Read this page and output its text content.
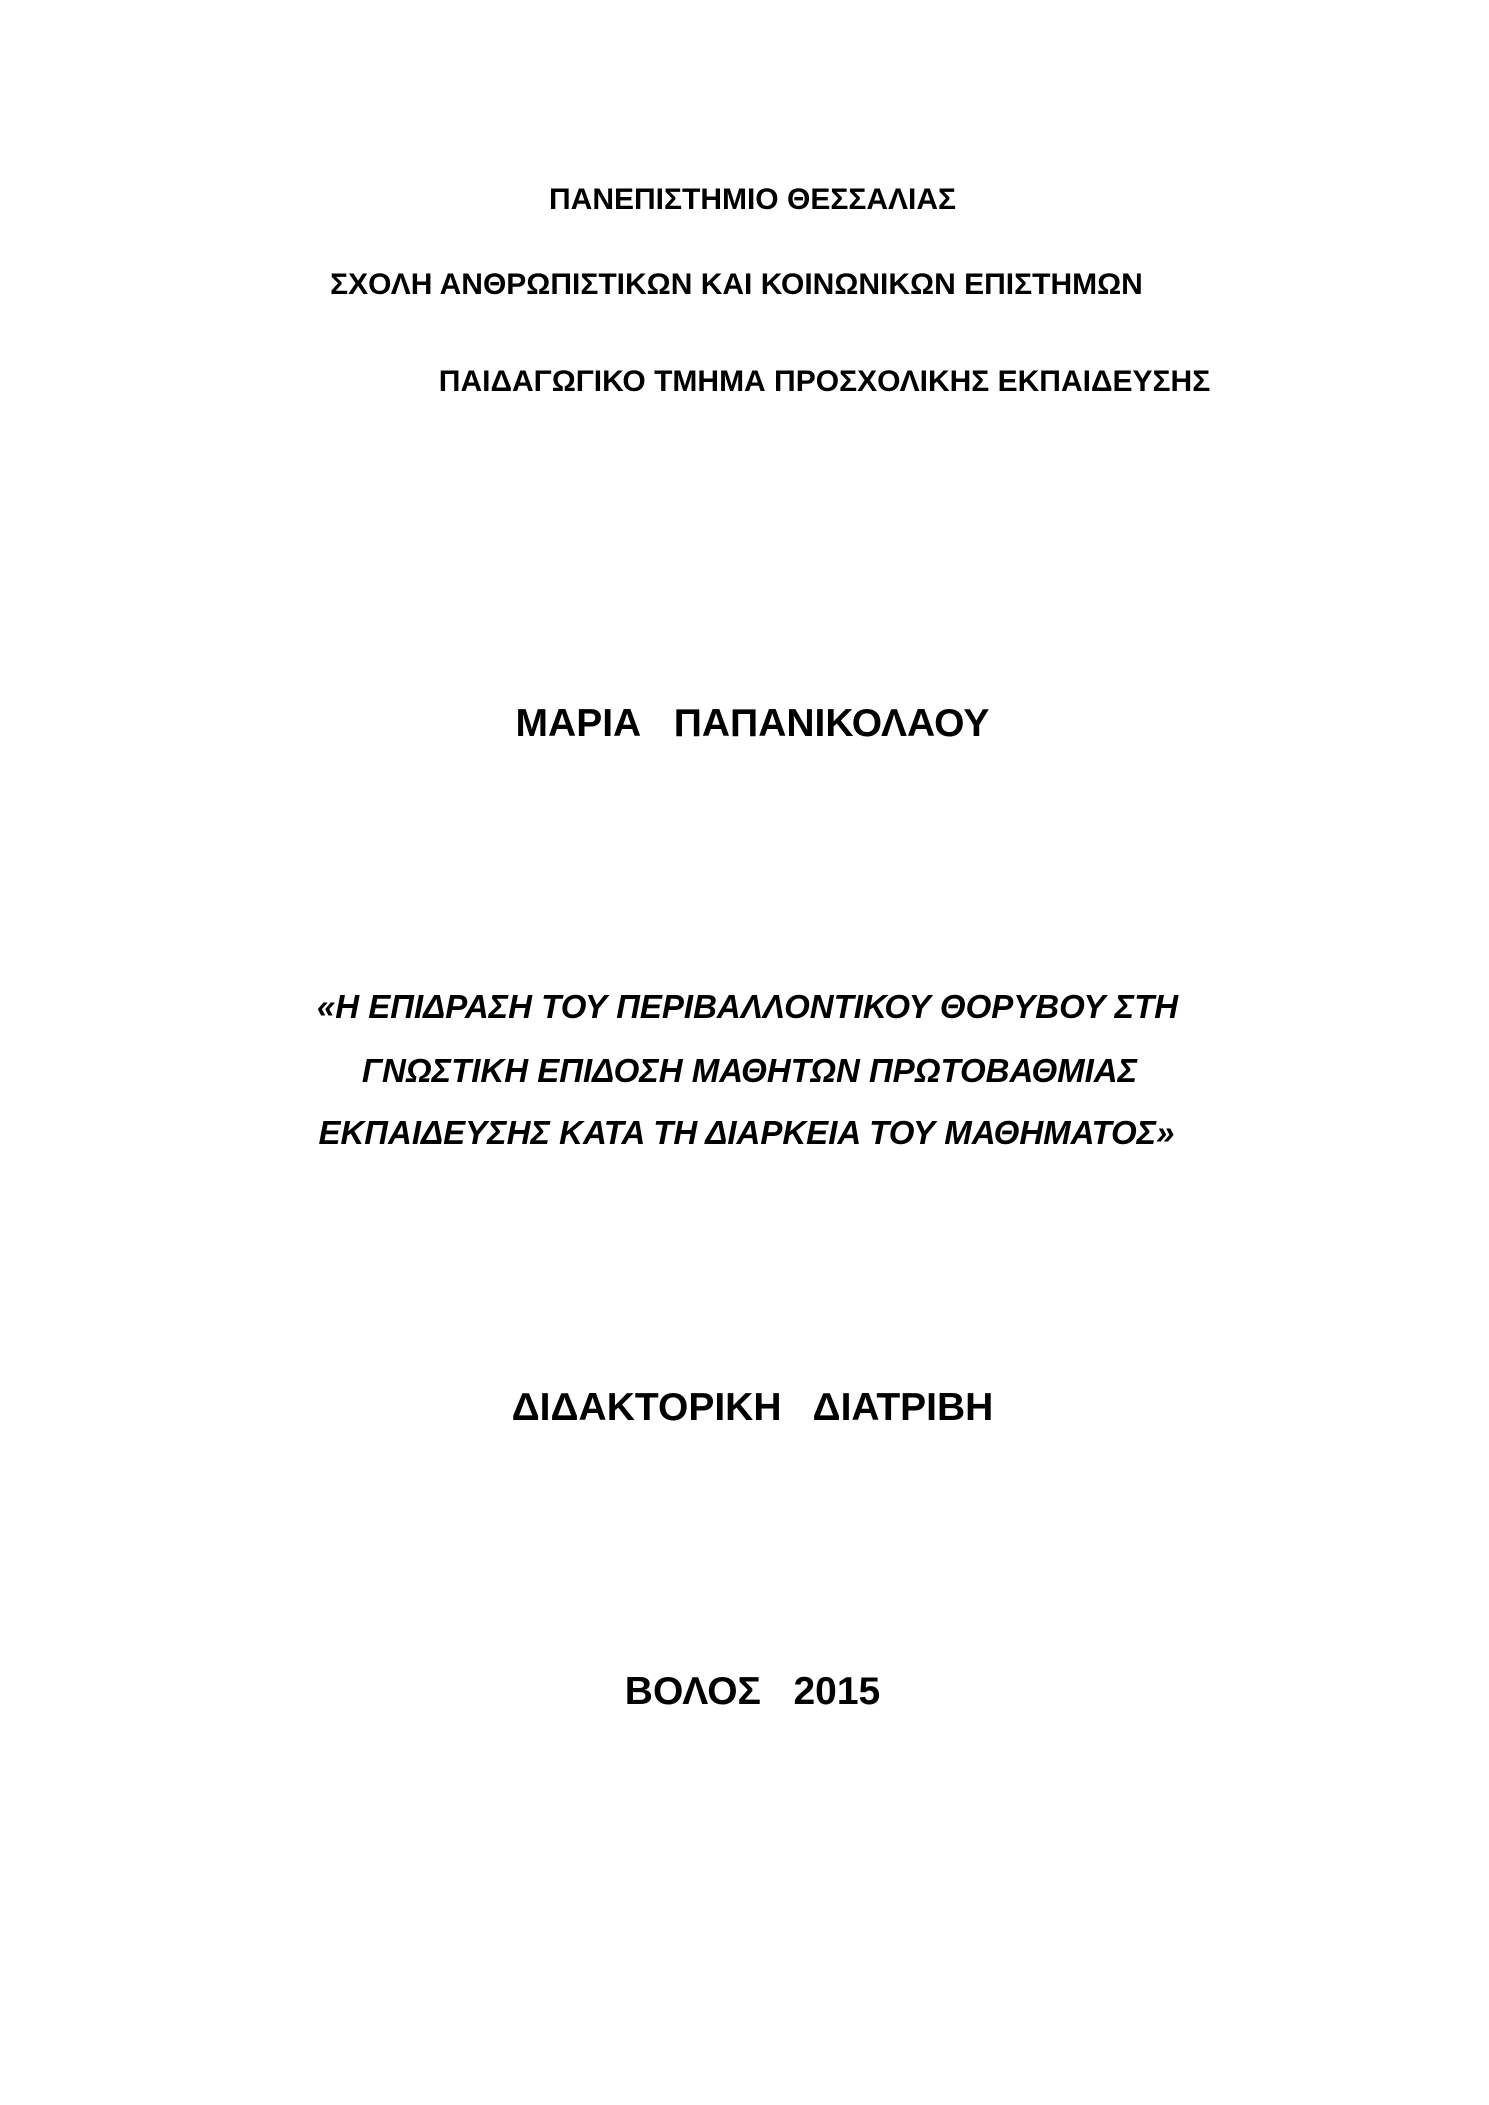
ΠΑΝΕΠΙΣΤΗΜΙΟ ΘΕΣΣΑΛΙΑΣ

ΣΧΟΛΗ ΑΝΘΡΩΠΙΣΤΙΚΩΝ ΚΑΙ ΚΟΙΝΩΝΙΚΩΝ ΕΠΙΣΤΗΜΩΝ

ΠΑΙΔΑΓΩΓΙΚΟ ΤΜΗΜΑ ΠΡΟΣΧΟΛΙΚΗΣ ΕΚΠΑΙΔΕΥΣΗΣ

ΜΑΡΙΑ   ΠΑΠΑΝΙΚΟΛΑΟΥ

«Η ΕΠΙΔΡΑΣΗ ΤΟΥ ΠΕΡΙΒΑΛΛΟΝΤΙΚΟΥ ΘΟΡΥΒΟΥ ΣΤΗ

ΓΝΩΣΤΙΚΗ ΕΠΙΔΟΣΗ ΜΑΘΗΤΩΝ ΠΡΩΤΟΒΑΘΜΙΑΣ

ΕΚΠΑΙΔΕΥΣΗΣ ΚΑΤΑ ΤΗ ΔΙΑΡΚΕΙΑ ΤΟΥ ΜΑΘΗΜΑΤΟΣ»

ΔΙΔΑΚΤΟΡΙΚΗ   ΔΙΑΤΡΙΒΗ

ΒΟΛΟΣ   2015
